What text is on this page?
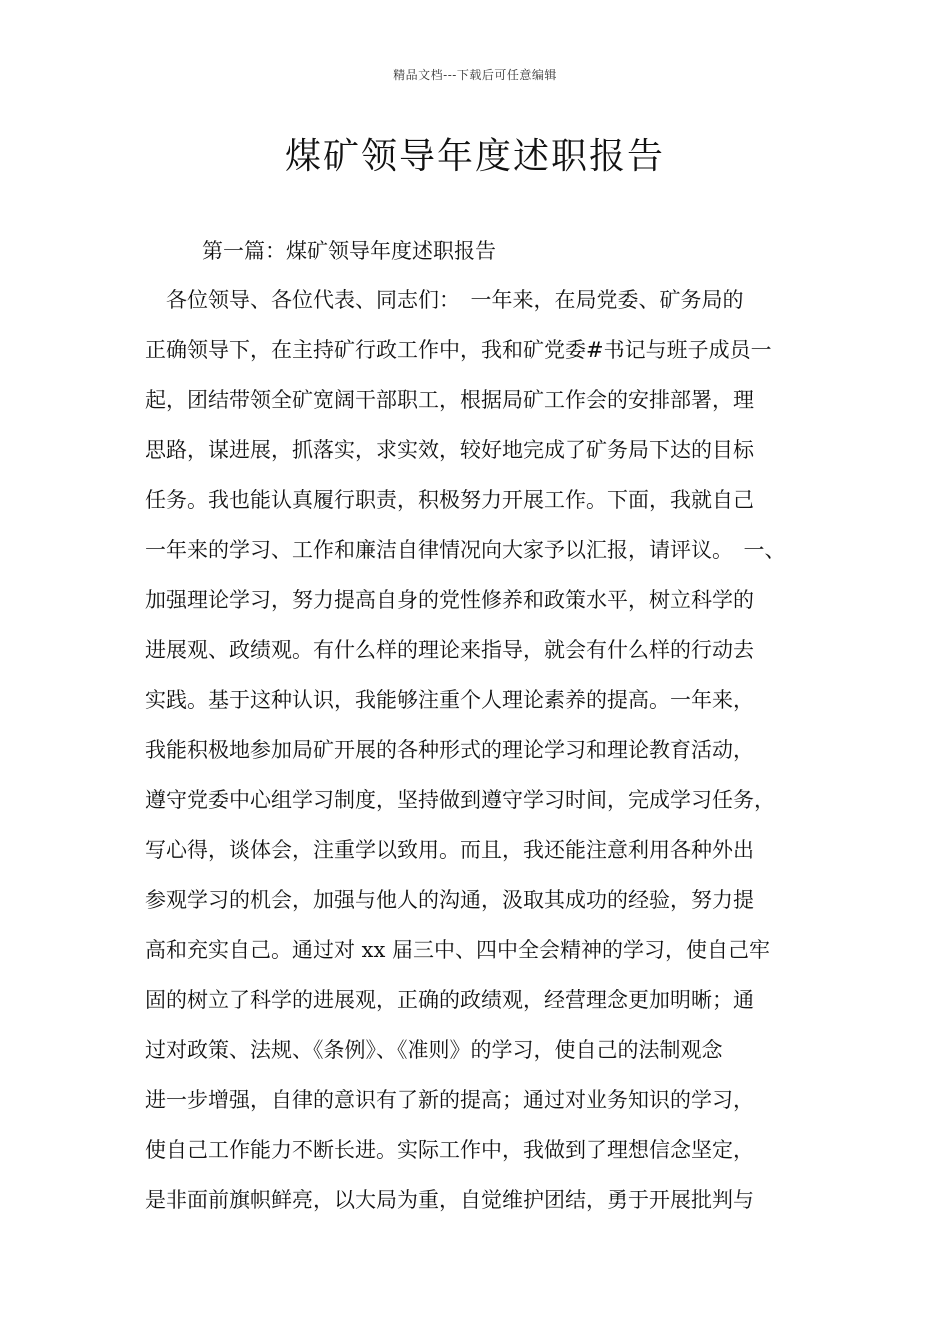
精品文档---下载后可任意编辑
煤矿领导年度述职报告
第一篇：煤矿领导年度述职报告
　各位领导、各位代表、同志们：　一年来，在局党委、矿务局的
正确领导下，在主持矿行政工作中，我和矿党委#书记与班子成员一
起，团结带领全矿宽阔干部职工，根据局矿工作会的安排部署，理
思路，谋进展，抓落实，求实效，较好地完成了矿务局下达的目标
任务。我也能认真履行职责，积极努力开展工作。下面，我就自己
一年来的学习、工作和廉洁自律情况向大家予以汇报，请评议。　一、
加强理论学习，努力提高自身的党性修养和政策水平，树立科学的
进展观、政绩观。有什么样的理论来指导，就会有什么样的行动去
实践。基于这种认识，我能够注重个人理论素养的提高。一年来，
我能积极地参加局矿开展的各种形式的理论学习和理论教育活动，
遵守党委中心组学习制度，坚持做到遵守学习时间，完成学习任务，
写心得，谈体会，注重学以致用。而且，我还能注意利用各种外出
参观学习的机会，加强与他人的沟通，汲取其成功的经验，努力提
高和充实自己。通过对 xx 届三中、四中全会精神的学习，使自己牢
固的树立了科学的进展观，正确的政绩观，经营理念更加明晰；通
过对政策、法规、《条例》、《准则》的学习，使自己的法制观念
进一步增强，自律的意识有了新的提高；通过对业务知识的学习，
使自己工作能力不断长进。实际工作中，我做到了理想信念坚定，
是非面前旗帜鲜亮，以大局为重，自觉维护团结，勇于开展批判与
